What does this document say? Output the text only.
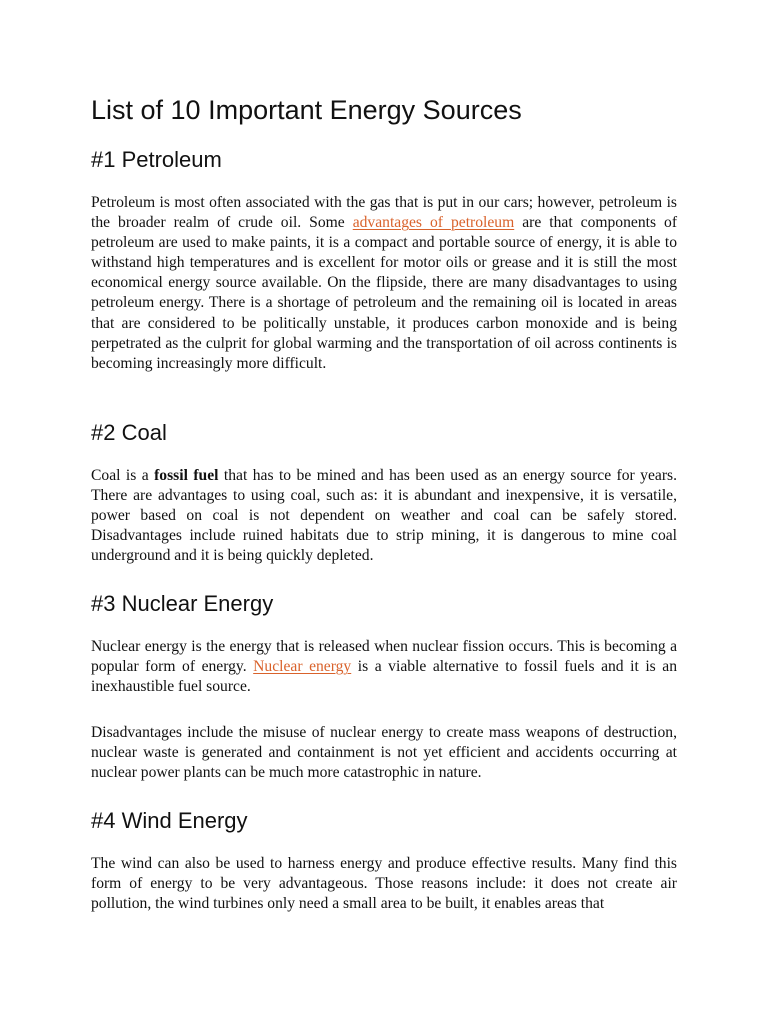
List of 10 Important Energy Sources
#1 Petroleum

Petroleum is most often associated with the gas that is put in our cars; however, petroleum is the broader realm of crude oil. Some advantages of petroleum are that components of petroleum are used to make paints, it is a compact and portable source of energy, it is able to withstand high temperatures and is excellent for motor oils or grease and it is still the most economical energy source available. On the flipside, there are many disadvantages to using petroleum energy. There is a shortage of petroleum and the remaining oil is located in areas that are considered to be politically unstable, it produces carbon monoxide and is being perpetrated as the culprit for global warming and the transportation of oil across continents is becoming increasingly more difficult.

#2 Coal

Coal is a fossil fuel that has to be mined and has been used as an energy source for years. There are advantages to using coal, such as: it is abundant and inexpensive, it is versatile, power based on coal is not dependent on weather and coal can be safely stored. Disadvantages include ruined habitats due to strip mining, it is dangerous to mine coal underground and it is being quickly depleted.

#3 Nuclear Energy

Nuclear energy is the energy that is released when nuclear fission occurs. This is becoming a popular form of energy. Nuclear energy is a viable alternative to fossil fuels and it is an inexhaustible fuel source.

Disadvantages include the misuse of nuclear energy to create mass weapons of destruction, nuclear waste is generated and containment is not yet efficient and accidents occurring at nuclear power plants can be much more catastrophic in nature.

#4 Wind Energy

The wind can also be used to harness energy and produce effective results. Many find this form of energy to be very advantageous. Those reasons include: it does not create air pollution, the wind turbines only need a small area to be built, it enables areas that
